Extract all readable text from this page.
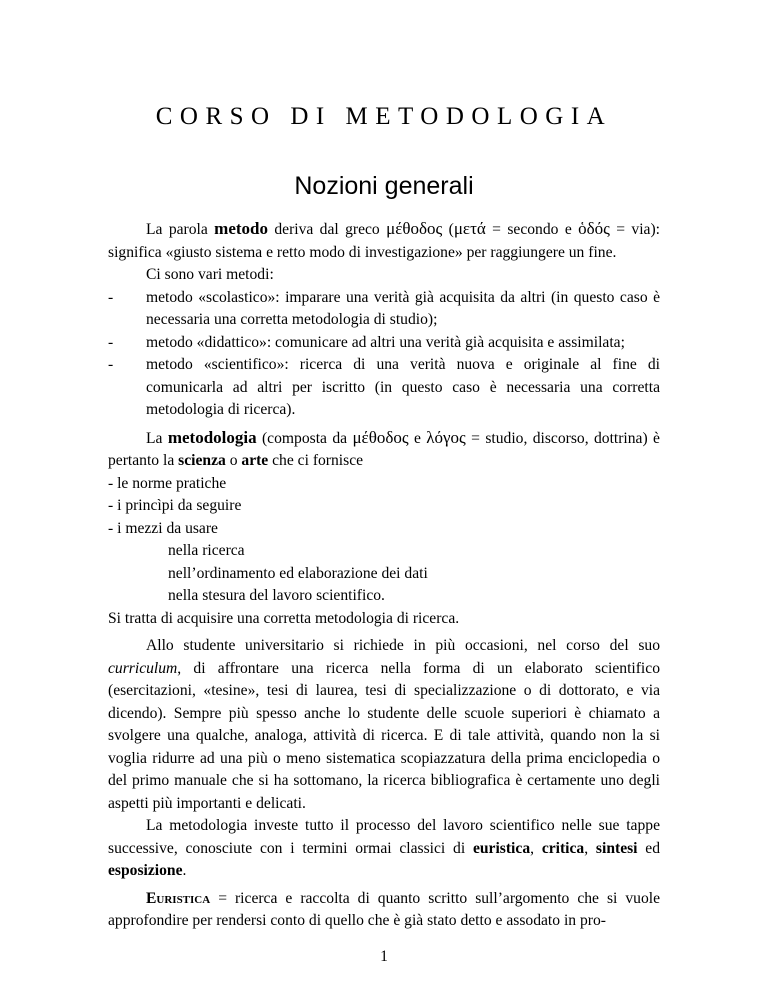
CORSO DI METODOLOGIA
Nozioni generali

La parola metodo deriva dal greco μέθοδος (μετά = secondo e ὁδός = via): significa «giusto sistema e retto modo di investigazione» per raggiungere un fine.

Ci sono vari metodi:

- metodo «scolastico»: imparare una verità già acquisita da altri (in questo caso è necessaria una corretta metodologia di studio);
- metodo «didattico»: comunicare ad altri una verità già acquisita e assimilata;
- metodo «scientifico»: ricerca di una verità nuova e originale al fine di comunicarla ad altri per iscritto (in questo caso è necessaria una corretta metodologia di ricerca).

La metodologia (composta da μέθοδος e λόγος = studio, discorso, dottrina) è pertanto la scienza o arte che ci fornisce

- le norme pratiche

- i princìpi da seguire

- i mezzi da usare

nella ricerca

nell’ordinamento ed elaborazione dei dati

nella stesura del lavoro scientifico.

Si tratta di acquisire una corretta metodologia di ricerca.

Allo studente universitario si richiede in più occasioni, nel corso del suo curriculum, di affrontare una ricerca nella forma di un elaborato scientifico (esercitazioni, «tesine», tesi di laurea, tesi di specializzazione o di dottorato, e via dicendo). Sempre più spesso anche lo studente delle scuole superiori è chiamato a svolgere una qualche, analoga, attività di ricerca. E di tale attività, quando non la si voglia ridurre ad una più o meno sistematica scopiazzatura della prima enciclopedia o del primo manuale che si ha sottomano, la ricerca bibliografica è certamente uno degli aspetti più importanti e delicati.

La metodologia investe tutto il processo del lavoro scientifico nelle sue tappe successive, conosciute con i termini ormai classici di euristica, critica, sintesi ed esposizione.

Euristica = ricerca e raccolta di quanto scritto sull’argomento che si vuole approfondire per rendersi conto di quello che è già stato detto e assodato in pro-

1
